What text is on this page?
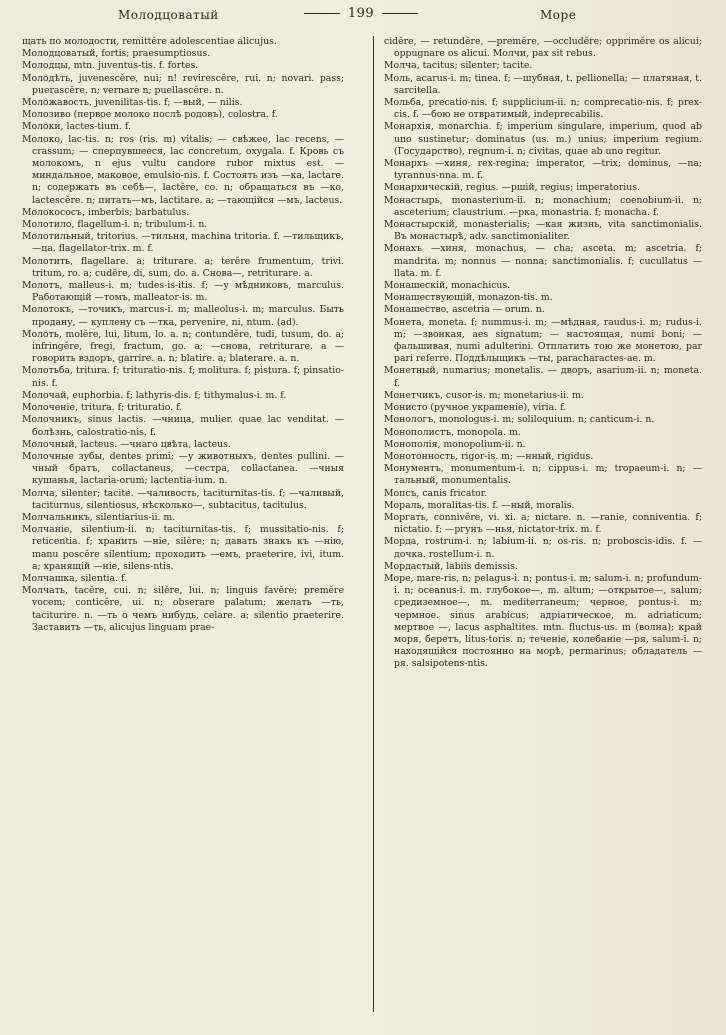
Молодцоватый	199	Море

щать по молодости, remittĕre adolescentiae alicujus.

Молодцоватый, fortis; praesumptiosus.

Молодцы, mtn. juventus-tis. f. fortes.

Молодѣть, juvenescĕre, nui; n! revirescĕre, rui. n; novari. pass; puerascĕre. n; vernare n; puellascĕre. n.

Моложавость, juvenilitas-tis. f; —вый, — nilis.

Молозиво (первое молоко послѣ родовъ), colostra. f.

Молоки, lactes-tium. f.

Молоко, lac-tis. n; ros (ris. m) vitalis; — свѣжее, lac recens, — crassum; — сперпувшееся, lac concretum, oxygala. f. Кровь съ молокомъ, n ejus vultu candore rubor mixtus est. — миндальное, маковое, emulsio-nis. f. Состоять изъ —ка, lactare. n; содержать въ себѣ—, lactĕre, co. n; обращаться въ —ко, lactescĕre. n; питать—мъ, lactitare. a; —тающійся —мъ, lacteus.

Молокососъ, imberbis; barbatulus.

Молотило, flagellum-i. n; tribulum-i. n.

Молотильный, tritorius. —тильня, machina tritoria. f. —тильщикъ,—ца. flagellator-trix. m. f.

Молотить, flagellare. a; triturare. a; terĕre frumentum, trivi. tritum, ro. a; cudĕre, di, sum, do. a. Снова—, retriturare. a.

Молотъ, malleus-i. m; tudes-is-itis. f; —у мѣдниковъ, marculus. Работающій —томъ, malleator-is. m.

Молотокъ, —точикъ, marcus-i. m; malleolus-i. m; marculus. Быть продану, — куплену съ —тка, pervenire, ni, ntum. (ad).

Молоть, molĕre, lui, litum, lo. a. n; contundĕre, tudi, tusum, do. a; infringĕre, fregi, fractum, go. a; —снова, retriturare. a —говорить вздоръ, garrire. a. n; blatire. a; blaterare. a. n.

Молотьба, tritura. f; trituratio-nis. f; molitura. f; pistura. f; pinsatio-nis. f.

Молочай, euphorbia. f; lathyris-dis. f; tithymalus-i. m. f.

Молоченіе, tritura. f; trituratio. f.

Молочникъ, sinus lactis. —чница, mulier. quae lac venditat. — болѣзнь, calostratio-nis. f.

Молочный, lacteus. —чнаго цвѣта, lacteus.

Молочные зубы, dentes primi; —у животныхъ, dentes pullini. —чный братъ, collactaneus, —сестра, collactanea. —чныя кушанья, lactaria-orum; lactentia-ium. n.

Молча, silenter; tacite. —чаливость, taciturnitas-tis. f; —чаливый, taciturnus, silentiosus, нѣсколько—, subtacitus, tacitulus.

Молчальникъ, silentiarius-ii. m.

Молчаніе, silentium-ii. n; taciturnitas-tis. f; mussitatio-nis. f; reticentia. f; хранить —ніе, silĕre; n; давать знакъ къ —нію, manu poscĕre silentium; проходить —емъ, praeterire, ivi, itum. a; хранящій —ніе, silens-ntis.

Молчашка, silentia. f.

Молчать, tacĕre, cui. n; silĕre, lui. n; linguis favĕre; premĕre vocem; conticĕre, ui. n; obserare palatum; желать —ть, taciturire. n. —ть о чемъ нибудь, celare. a; silentio praeterire. Заставить —ть, alicujus linguam prae-

cidĕre, — retundĕre, —premĕre, —occludĕre; opprimĕre os alicui; oppugnare os alicui. Молчи, pax sit rebus.

Молча, tacitus; silenter; tacite.

Моль, acarus-i. m; tinea. f; —шубная, t. pellionella; — платяная, t. sarcitella.

Мольба, precatio-nis. f; supplicium-ii. n; comprecatio-nis. f; prex-cis. f. —бою не отвратимый, indeprecabilis.

Монархія, monarchia. f; imperium singulare, imperium, quod ab uno sustinetur; dominatus (us. m.) unius; imperium regium. (Государство), regnum-i. n; civitas, quae ab uno regitur.

Монархъ —хиня, rex-regina; imperator, —trix; dominus, —na; tyrannus-nna. m. f.

Монархическій, regius. —ршій, regius; imperatorius.

Монастырь, monasterium-ii. n; monachium; coenobium-ii. n; asceterium; claustrium. —рка, monastria. f; monacha. f.

Монастырскій, monasterialis; —кая жизнь, vita sanctimonialis. Въ монастырѣ, adv. sanctimonialiter.

Монахъ —хиня, monachus, — cha; asceta. m; ascetria. f; mandrita. m; nonnus — nonna; sanctimonialis. f; cucullatus — llata. m. f.

Монашескій, monachicus.

Монашествующій, monazon-tis. m.

Монашество, ascetria — orum. n.

Монета, moneta. f; nummus-i. m; —мѣдная, raudus-i. m; rudus-i. m; —звонкая, aes signatum; — настоящая, numi boni; — фальшивая, numi adulterini. Отплатить тою же монетою, par pari referre. Поддѣлыщикъ —ты, paracharactes-ae. m.

Монетный, numarius; monetalis. — дворъ, asarium-ii. n; moneta. f.

Монетчикъ, cusor-is. m; monetarius-ii. m.

Монисто (ручное украшеніе), viria. f.

Монологъ, monologus-i. m; soliloquium. n; canticum-i. n.

Монополистъ, monopola. m.

Монополія, monopolium-ii. n.

Монотонность, rigor-is. m; —нный, rigidus.

Монументъ, monumentum-i. n; cippus-i. m; tropaeum-i. n; —тальный, monumentalis.

Мопсъ, canis fricator.

Мораль, moralitas-tis. f. —ный, moralis.

Моргать, connivĕre, vi. xi. a; nictare. n. —ranie, conniventia. f; nictatio. f; —ргунъ —нья, nictator-trix. m. f.

Морда, rostrum-i. n; labium-ii. n; os-ris. n; proboscis-idis. f. —дочка. rostellum-i. n.

Мордастый, labiis demissis.

Море, mare-ris, n; pelagus-i. n; pontus-i. m; salum-i. n; profundum-i. n; oceanus-i. m. глубокое—, m. altum; —открытое—, salum; средиземное—, m. mediterraneum; черное, pontus-i. m; чермное. sinus arabicus; адріатическое, m. adriaticum; мертвое —, lacus asphaltites. mtn. fluctus-us. m (волна); край моря, беретъ, litus-toris. n; теченіе, колебаніе —ря, salum-i. n; находящійся постоянно на морѣ, permarinus; обладатель —ря. salsipotens-ntis.
